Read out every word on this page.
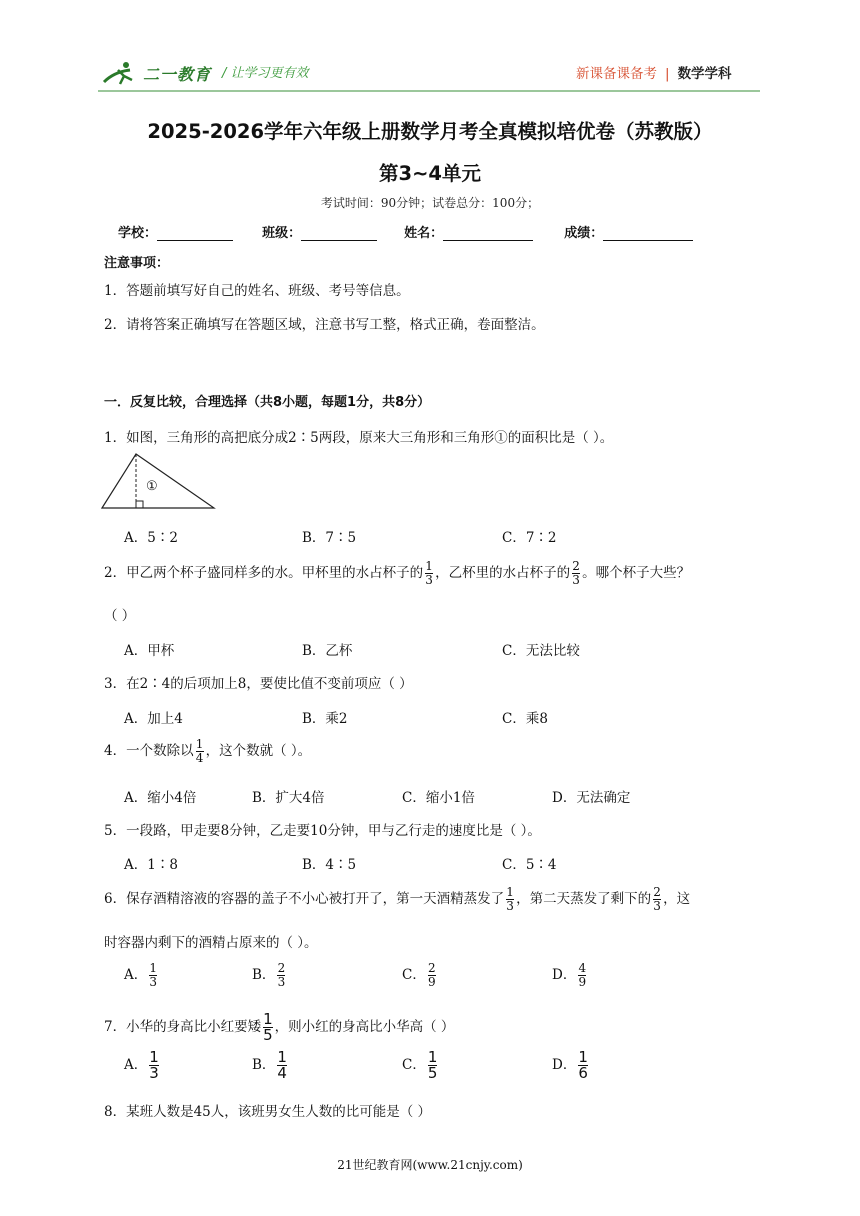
二一教育 / 让学习更有效	新课备课备考 | 数学学科
2025-2026学年六年级上册数学月考全真模拟培优卷（苏教版）
第3~4单元
考试时间：90分钟；试卷总分：100分；
学校：	班级：	姓名：	成绩：
注意事项：
1．答题前填写好自己的姓名、班级、考号等信息。
2．请将答案正确填写在答题区域，注意书写工整，格式正确，卷面整洁。
一．反复比较，合理选择（共8小题，每题1分，共8分）
1．如图，三角形的高把底分成2∶5两段，原来大三角形和三角形①的面积比是（ ）。
①
A．5∶2	B．7∶5	C．7∶2
2．甲乙两个杯子盛同样多的水。甲杯里的水占杯子的 $\frac{1}{3}$ ，乙杯里的水占杯子的 $\frac{2}{3}$ 。哪个杯子大些？
（ ）
A．甲杯	B．乙杯	C．无法比较
3．在2∶4的后项加上8，要使比值不变前项应（ ）
A．加上4	B．乘2	C．乘8
4．一个数除以 $\frac{1}{4}$ ，这个数就（ ）。
A．缩小4倍	B．扩大4倍	C．缩小1倍	D．无法确定
5．一段路，甲走要8分钟，乙走要10分钟，甲与乙行走的速度比是（ ）。
A．1∶8	B．4∶5	C．5∶4
6．保存酒精溶液的容器的盖子不小心被打开了，第一天酒精蒸发了 $\frac{1}{3}$ ，第二天蒸发了剩下的 $\frac{2}{3}$ ，这
时容器内剩下的酒精占原来的（ ）。
A． $\frac{1}{3}$	B． $\frac{2}{3}$	C． $\frac{2}{9}$	D． $\frac{4}{9}$
7．小华的身高比小红要矮 $\frac{1}{5}$ ，则小红的身高比小华高（ ）
A． $\frac{1}{3}$	B． $\frac{1}{4}$	C． $\frac{1}{5}$	D． $\frac{1}{6}$
8．某班人数是45人，该班男女生人数的比可能是（ ）
21世纪教育网(www.21cnjy.com)
